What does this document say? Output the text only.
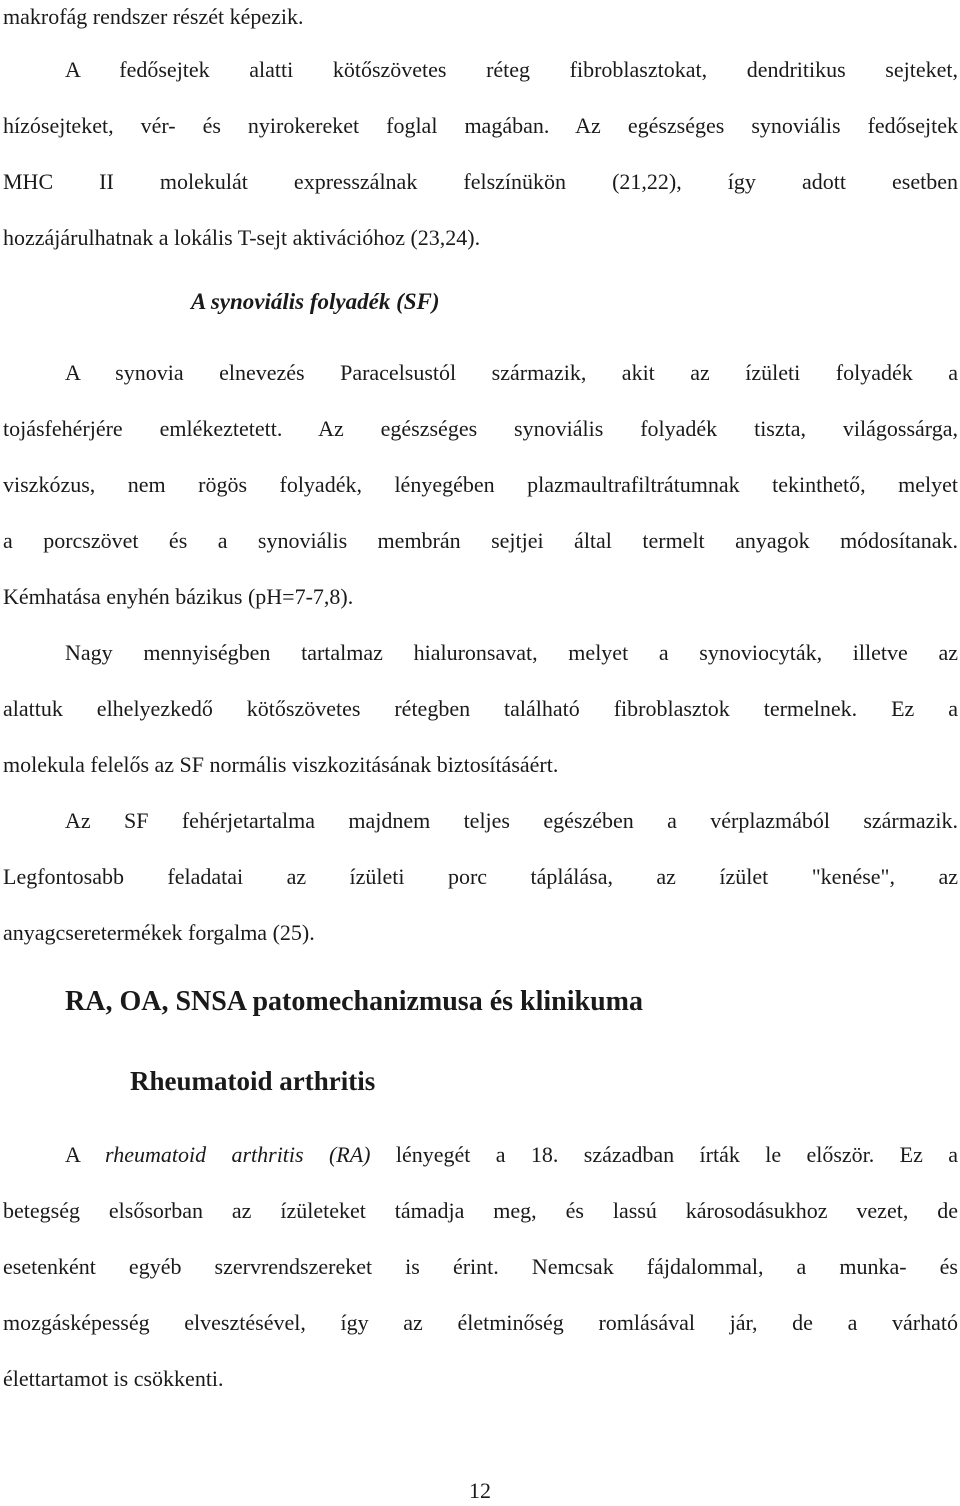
makrofág rendszer részét képezik.
A fedősejtek alatti kötőszövetes réteg fibroblasztokat, dendritikus sejteket,
hízósejteket, vér- és nyirokereket foglal magában. Az egészséges synoviális fedősejtek
MHC II molekulát expresszálnak felszínükön (21,22), így adott esetben
hozzájárulhatnak a lokális T-sejt aktivációhoz (23,24).
A synoviális folyadék (SF)
A synovia elnevezés Paracelsustól származik, akit az ízületi folyadék a
tojásfehérjére emlékeztetett. Az egészséges synoviális folyadék tiszta, világossárga,
viszkózus, nem rögös folyadék, lényegében plazmaultrafiltrátumnak tekinthető, melyet
a porcszövet és a synoviális membrán sejtjei által termelt anyagok módosítanak.
Kémhatása enyhén bázikus (pH=7-7,8).
Nagy mennyiségben tartalmaz hialuronsavat, melyet a synoviocyták, illetve az
alattuk elhelyezkedő kötőszövetes rétegben található fibroblasztok termelnek. Ez a
molekula felelős az SF normális viszkozitásának biztosításáért.
Az SF fehérjetartalma majdnem teljes egészében a vérplazmából származik.
Legfontosabb feladatai az ízületi porc táplálása, az ízület "kenése", az
anyagcseretermékek forgalma (25).
RA, OA, SNSA patomechanizmusa és klinikuma
Rheumatoid arthritis
A rheumatoid arthritis (RA) lényegét a 18. században írták le először. Ez a
betegség elsősorban az ízületeket támadja meg, és lassú károsodásukhoz vezet, de
esetenként egyéb szervrendszereket is érint. Nemcsak fájdalommal, a munka- és
mozgásképesség elvesztésével, így az életminőség romlásával jár, de a várható
élettartamot is csökkenti.
12
